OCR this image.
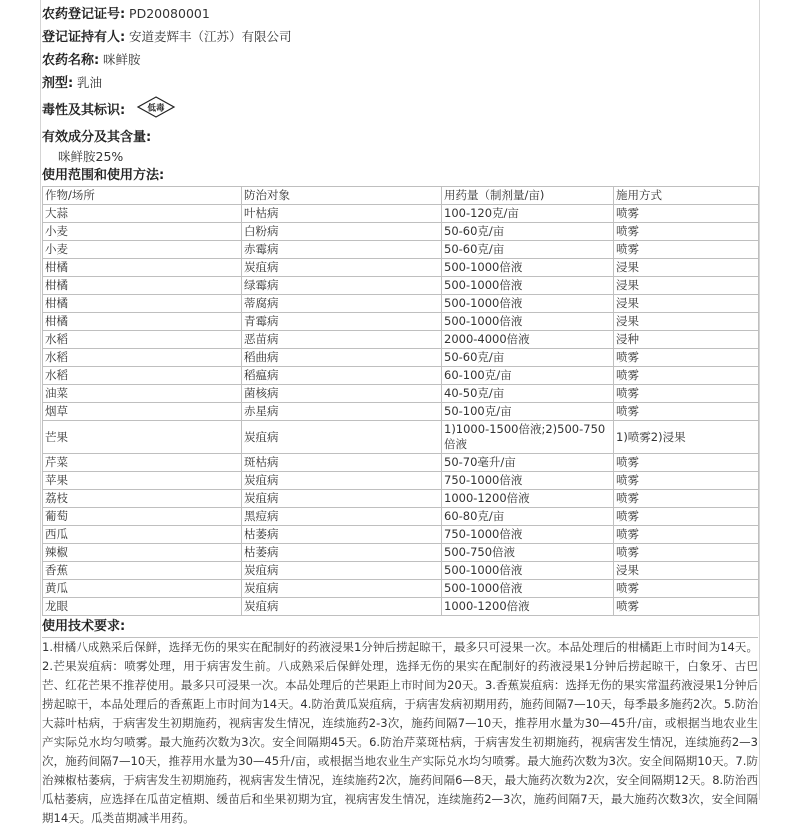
农药登记证号: PD20080001
登记证持有人: 安道麦辉丰（江苏）有限公司
农药名称: 咪鲜胺
剂型: 乳油
毒性及其标识:	低毒
有效成分及其含量:
咪鲜胺25%
使用范围和使用方法:
作物/场所	防治对象	用药量（制剂量/亩)	施用方式
大蒜	叶枯病	100-120克/亩	喷雾
小麦	白粉病	50-60克/亩	喷雾
小麦	赤霉病	50-60克/亩	喷雾
柑橘	炭疽病	500-1000倍液	浸果
柑橘	绿霉病	500-1000倍液	浸果
柑橘	蒂腐病	500-1000倍液	浸果
柑橘	青霉病	500-1000倍液	浸果
水稻	恶苗病	2000-4000倍液	浸种
水稻	稻曲病	50-60克/亩	喷雾
水稻	稻瘟病	60-100克/亩	喷雾
油菜	菌核病	40-50克/亩	喷雾
烟草	赤星病	50-100克/亩	喷雾
芒果	炭疽病	1)1000-1500倍液;2)500-750倍液	1)喷雾2)浸果
芹菜	斑枯病	50-70毫升/亩	喷雾
苹果	炭疽病	750-1000倍液	喷雾
荔枝	炭疽病	1000-1200倍液	喷雾
葡萄	黑痘病	60-80克/亩	喷雾
西瓜	枯萎病	750-1000倍液	喷雾
辣椒	枯萎病	500-750倍液	喷雾
香蕉	炭疽病	500-1000倍液	浸果
黄瓜	炭疽病	500-1000倍液	喷雾
龙眼	炭疽病	1000-1200倍液	喷雾
使用技术要求:
1.柑橘八成熟采后保鲜，选择无伤的果实在配制好的药液浸果1分钟后捞起晾干，最多只可浸果一次。本品处理后的柑橘距上市时间为14天。2.芒果炭疽病：喷雾处理，用于病害发生前。八成熟采后保鲜处理，选择无伤的果实在配制好的药液浸果1分钟后捞起晾干，白象牙、古巴芒、红花芒果不推荐使用。最多只可浸果一次。本品处理后的芒果距上市时间为20天。3.香蕉炭疽病：选择无伤的果实常温药液浸果1分钟后捞起晾干，本品处理后的香蕉距上市时间为14天。4.防治黄瓜炭疽病，于病害发病初期用药，施药间隔7—10天，每季最多施药2次。5.防治大蒜叶枯病，于病害发生初期施药，视病害发生情况，连续施药2-3次，施药间隔7—10天，推荐用水量为30—45升/亩，或根据当地农业生产实际兑水均匀喷雾。最大施药次数为3次。安全间隔期45天。6.防治芹菜斑枯病，于病害发生初期施药，视病害发生情况，连续施药2—3次，施药间隔7—10天，推荐用水量为30—45升/亩，或根据当地农业生产实际兑水均匀喷雾。最大施药次数为3次。安全间隔期10天。7.防治辣椒枯萎病，于病害发生初期施药，视病害发生情况，连续施药2次，施药间隔6—8天，最大施药次数为2次，安全间隔期12天。8.防治西瓜枯萎病，应选择在瓜苗定植期、缓苗后和坐果初期为宜，视病害发生情况，连续施药2—3次，施药间隔7天，最大施药次数3次，安全间隔期14天。瓜类苗期减半用药。
